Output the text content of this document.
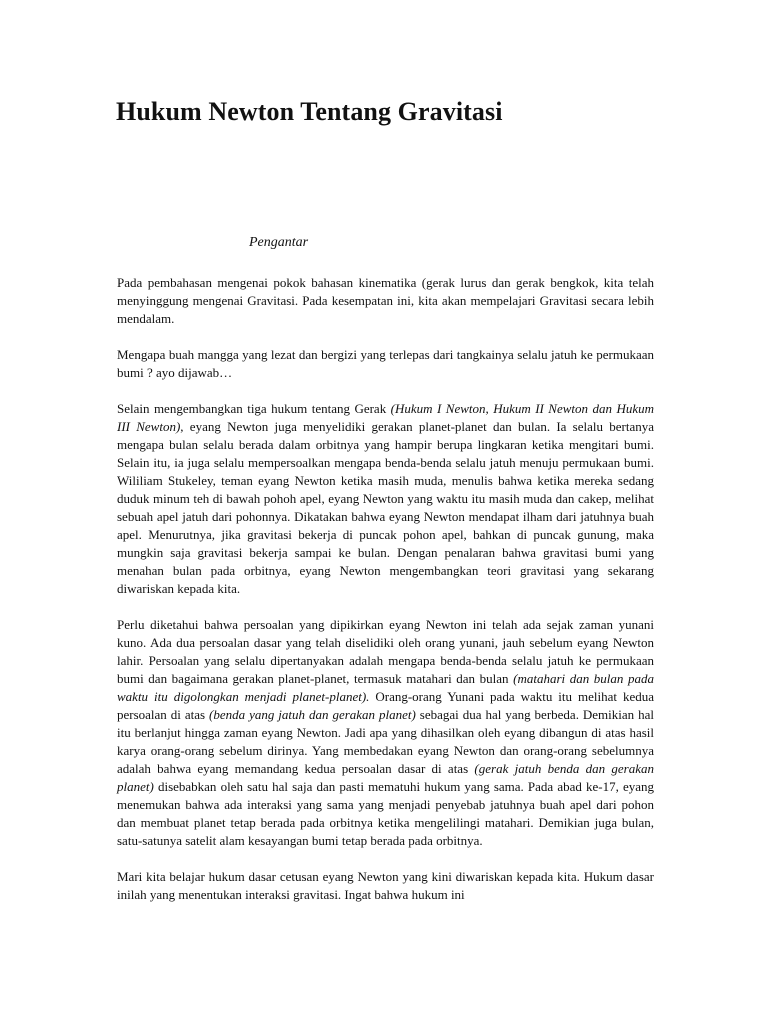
Hukum Newton Tentang Gravitasi
Pengantar

Pada pembahasan mengenai pokok bahasan kinematika (gerak lurus dan gerak bengkok, kita telah menyinggung mengenai Gravitasi. Pada kesempatan ini, kita akan mempelajari Gravitasi secara lebih mendalam.

Mengapa buah mangga yang lezat dan bergizi yang terlepas dari tangkainya selalu jatuh ke permukaan bumi ? ayo dijawab…

Selain mengembangkan tiga hukum tentang Gerak (Hukum I Newton, Hukum II Newton dan Hukum III Newton), eyang Newton juga menyelidiki gerakan planet-planet dan bulan. Ia selalu bertanya mengapa bulan selalu berada dalam orbitnya yang hampir berupa lingkaran ketika mengitari bumi. Selain itu, ia juga selalu mempersoalkan mengapa benda-benda selalu jatuh menuju permukaan bumi. Wililiam Stukeley, teman eyang Newton ketika masih muda, menulis bahwa ketika mereka sedang duduk minum teh di bawah pohoh apel, eyang Newton yang waktu itu masih muda dan cakep, melihat sebuah apel jatuh dari pohonnya. Dikatakan bahwa eyang Newton mendapat ilham dari jatuhnya buah apel. Menurutnya, jika gravitasi bekerja di puncak pohon apel, bahkan di puncak gunung, maka mungkin saja gravitasi bekerja sampai ke bulan. Dengan penalaran bahwa gravitasi bumi yang menahan bulan pada orbitnya, eyang Newton mengembangkan teori gravitasi yang sekarang diwariskan kepada kita.

Perlu diketahui bahwa persoalan yang dipikirkan eyang Newton ini telah ada sejak zaman yunani kuno. Ada dua persoalan dasar yang telah diselidiki oleh orang yunani, jauh sebelum eyang Newton lahir. Persoalan yang selalu dipertanyakan adalah mengapa benda-benda selalu jatuh ke permukaan bumi dan bagaimana gerakan planet-planet, termasuk matahari dan bulan (matahari dan bulan pada waktu itu digolongkan menjadi planet-planet). Orang-orang Yunani pada waktu itu melihat kedua persoalan di atas (benda yang jatuh dan gerakan planet) sebagai dua hal yang berbeda. Demikian hal itu berlanjut hingga zaman eyang Newton. Jadi apa yang dihasilkan oleh eyang dibangun di atas hasil karya orang-orang sebelum dirinya. Yang membedakan eyang Newton dan orang-orang sebelumnya adalah bahwa eyang memandang kedua persoalan dasar di atas (gerak jatuh benda dan gerakan planet) disebabkan oleh satu hal saja dan pasti mematuhi hukum yang sama. Pada abad ke-17, eyang menemukan bahwa ada interaksi yang sama yang menjadi penyebab jatuhnya buah apel dari pohon dan membuat planet tetap berada pada orbitnya ketika mengelilingi matahari. Demikian juga bulan, satu-satunya satelit alam kesayangan bumi tetap berada pada orbitnya.

Mari kita belajar hukum dasar cetusan eyang Newton yang kini diwariskan kepada kita. Hukum dasar inilah yang menentukan interaksi gravitasi. Ingat bahwa hukum ini
